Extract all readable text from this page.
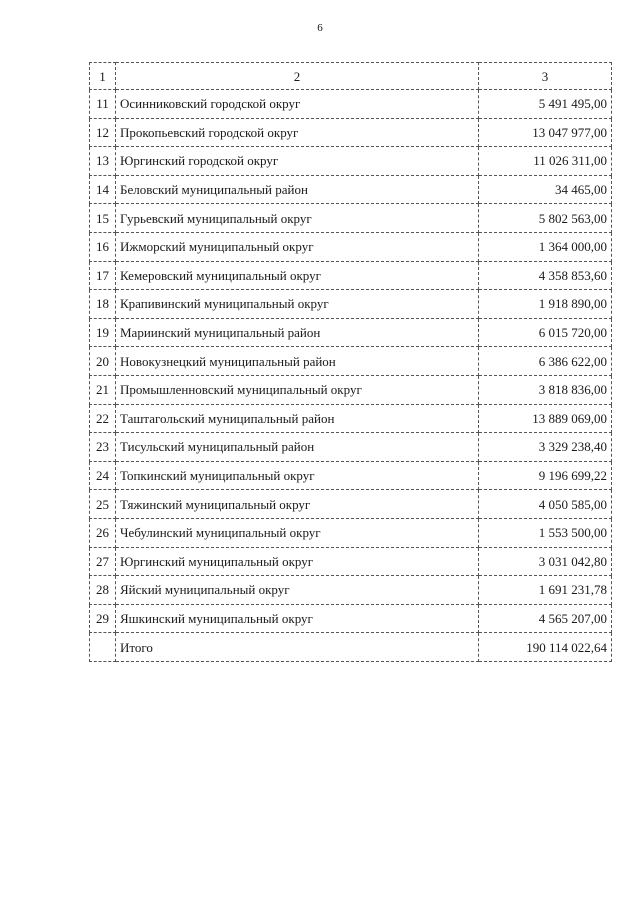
6
1	2	3
11	Осинниковский городской округ	5 491 495,00
12	Прокопьевский городской округ	13 047 977,00
13	Юргинский городской округ	11 026 311,00
14	Беловский муниципальный район	34 465,00
15	Гурьевский муниципальный округ	5 802 563,00
16	Ижморский муниципальный округ	1 364 000,00
17	Кемеровский муниципальный округ	4 358 853,60
18	Крапивинский муниципальный округ	1 918 890,00
19	Мариинский муниципальный район	6 015 720,00
20	Новокузнецкий муниципальный район	6 386 622,00
21	Промышленновский муниципальный округ	3 818 836,00
22	Таштагольский муниципальный район	13 889 069,00
23	Тисульский муниципальный район	3 329 238,40
24	Топкинский муниципальный округ	9 196 699,22
25	Тяжинский муниципальный округ	4 050 585,00
26	Чебулинский муниципальный округ	1 553 500,00
27	Юргинский муниципальный округ	3 031 042,80
28	Яйский муниципальный округ	1 691 231,78
29	Яшкинский муниципальный округ	4 565 207,00
	Итого	190 114 022,64
